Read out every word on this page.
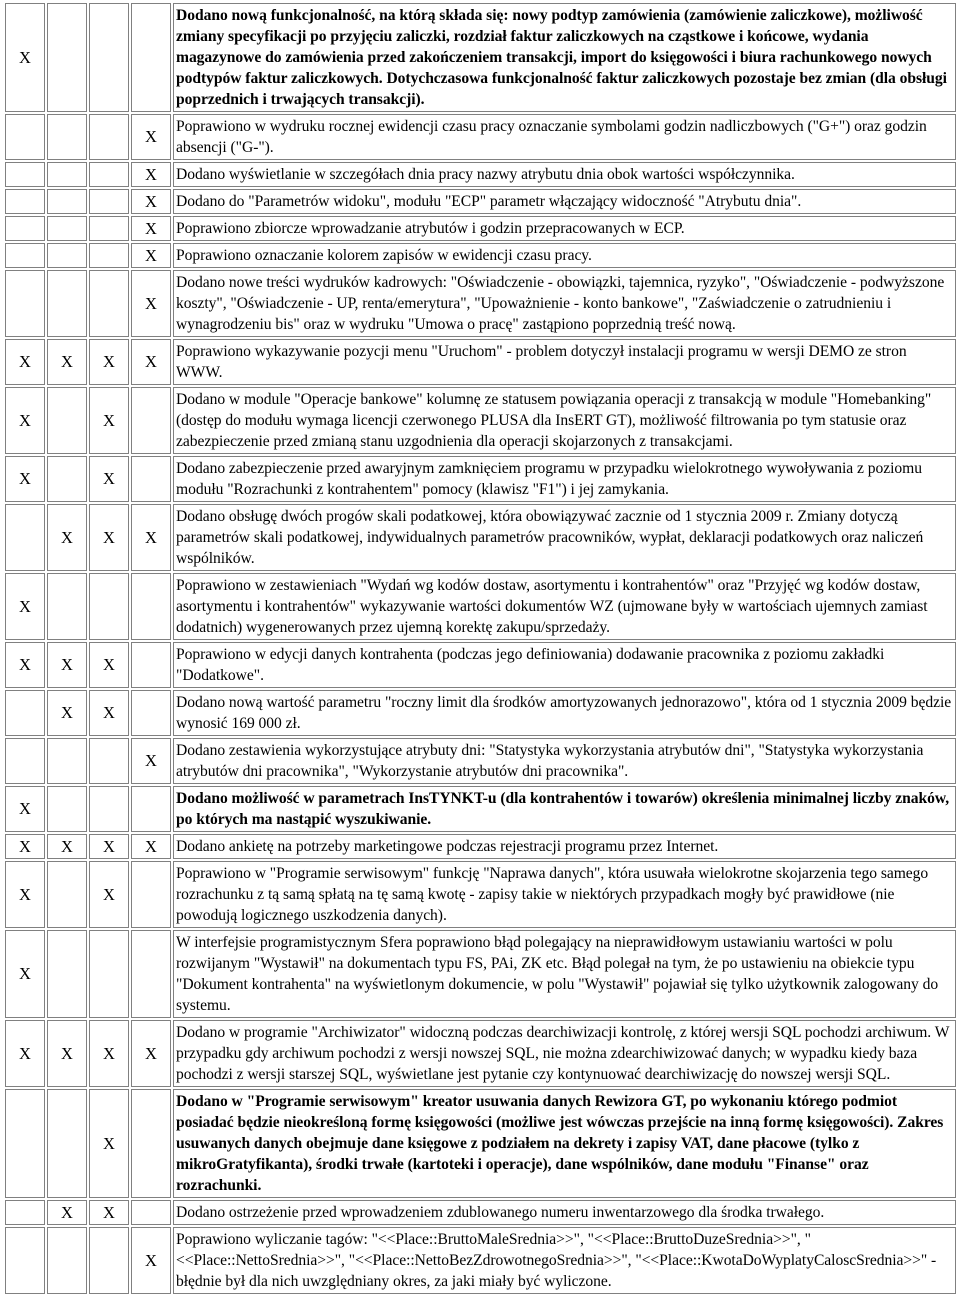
X				Dodano nową funkcjonalność, na którą składa się: nowy podtyp zamówienia (zamówienie zaliczkowe), możliwość zmiany specyfikacji po przyjęciu zaliczki, rozdział faktur zaliczkowych na cząstkowe i końcowe, wydania magazynowe do zamówienia przed zakończeniem transakcji, import do księgowości i biura rachunkowego nowych podtypów faktur zaliczkowych. Dotychczasowa funkcjonalność faktur zaliczkowych pozostaje bez zmian (dla obsługi poprzednich i trwających transakcji).
			X	Poprawiono w wydruku rocznej ewidencji czasu pracy oznaczanie symbolami godzin nadliczbowych ("G+") oraz godzin absencji ("G-").
			X	Dodano wyświetlanie w szczegółach dnia pracy nazwy atrybutu dnia obok wartości współczynnika.
			X	Dodano do "Parametrów widoku", modułu "ECP" parametr włączający widoczność "Atrybutu dnia".
			X	Poprawiono zbiorcze wprowadzanie atrybutów i godzin przepracowanych w ECP.
			X	Poprawiono oznaczanie kolorem zapisów w ewidencji czasu pracy.
			X	Dodano nowe treści wydruków kadrowych: "Oświadczenie - obowiązki, tajemnica, ryzyko", "Oświadczenie - podwyższone koszty", "Oświadczenie - UP, renta/emerytura", "Upoważnienie - konto bankowe", "Zaświadczenie o zatrudnieniu i wynagrodzeniu bis" oraz w wydruku "Umowa o pracę" zastąpiono poprzednią treść nową.
X	X	X	X	Poprawiono wykazywanie pozycji menu "Uruchom" - problem dotyczył instalacji programu w wersji DEMO ze stron WWW.
X		X		Dodano w module "Operacje bankowe" kolumnę ze statusem powiązania operacji z transakcją w module "Homebanking" (dostęp do modułu wymaga licencji czerwonego PLUSA dla InsERT GT), możliwość filtrowania po tym statusie oraz zabezpieczenie przed zmianą stanu uzgodnienia dla operacji skojarzonych z transakcjami.
X		X		Dodano zabezpieczenie przed awaryjnym zamknięciem programu w przypadku wielokrotnego wywoływania z poziomu modułu "Rozrachunki z kontrahentem" pomocy (klawisz "F1") i jej zamykania.
	X	X	X	Dodano obsługę dwóch progów skali podatkowej, która obowiązywać zacznie od 1 stycznia 2009 r. Zmiany dotyczą parametrów skali podatkowej, indywidualnych parametrów pracowników, wypłat, deklaracji podatkowych oraz naliczeń wspólników.
X				Poprawiono w zestawieniach "Wydań wg kodów dostaw, asortymentu i kontrahentów" oraz "Przyjęć wg kodów dostaw, asortymentu i kontrahentów" wykazywanie wartości dokumentów WZ (ujmowane były w wartościach ujemnych zamiast dodatnich) wygenerowanych przez ujemną korektę zakupu/sprzedaży.
X	X	X		Poprawiono w edycji danych kontrahenta (podczas jego definiowania) dodawanie pracownika z poziomu zakładki "Dodatkowe".
	X	X		Dodano nową wartość parametru "roczny limit dla środków amortyzowanych jednorazowo", która od 1 stycznia 2009 będzie wynosić 169 000 zł.
			X	Dodano zestawienia wykorzystujące atrybuty dni: "Statystyka wykorzystania atrybutów dni", "Statystyka wykorzystania atrybutów dni pracownika", "Wykorzystanie atrybutów dni pracownika".
X				Dodano możliwość w parametrach InsTYNKT-u (dla kontrahentów i towarów) określenia minimalnej liczby znaków, po których ma nastąpić wyszukiwanie.
X	X	X	X	Dodano ankietę na potrzeby marketingowe podczas rejestracji programu przez Internet.
X		X		Poprawiono w "Programie serwisowym" funkcję "Naprawa danych", która usuwała wielokrotne skojarzenia tego samego rozrachunku z tą samą spłatą na tę samą kwotę - zapisy takie w niektórych przypadkach mogły być prawidłowe (nie powodują logicznego uszkodzenia danych).
X				W interfejsie programistycznym Sfera poprawiono błąd polegający na nieprawidłowym ustawianiu wartości w polu rozwijanym "Wystawił" na dokumentach typu FS, PAi, ZK etc. Błąd polegał na tym, że po ustawieniu na obiekcie typu "Dokument kontrahenta" na wyświetlonym dokumencie, w polu "Wystawił" pojawiał się tylko użytkownik zalogowany do systemu.
X	X	X	X	Dodano w programie "Archiwizator" widoczną podczas dearchiwizacji kontrolę, z której wersji SQL pochodzi archiwum. W przypadku gdy archiwum pochodzi z wersji nowszej SQL, nie można zdearchiwizować danych; w wypadku kiedy baza pochodzi z wersji starszej SQL, wyświetlane jest pytanie czy kontynuować dearchiwizację do nowszej wersji SQL.
		X		Dodano w "Programie serwisowym" kreator usuwania danych Rewizora GT, po wykonaniu którego podmiot posiadać będzie nieokreśloną formę księgowości (możliwe jest wówczas przejście na inną formę księgowości). Zakres usuwanych danych obejmuje dane księgowe z podziałem na dekrety i zapisy VAT, dane płacowe (tylko z mikroGratyfikanta), środki trwałe (kartoteki i operacje), dane wspólników, dane modułu "Finanse" oraz rozrachunki.
	X	X		Dodano ostrzeżenie przed wprowadzeniem zdublowanego numeru inwentarzowego dla środka trwałego.
			X	Poprawiono wyliczanie tagów: "<<Place::BruttoMaleSrednia>>", "<<Place::BruttoDuzeSrednia>>", "<<Place::NettoSrednia>>", "<<Place::NettoBezZdrowotnegoSrednia>>", "<<Place::KwotaDoWyplatyCaloscSrednia>>" - błędnie był dla nich uwzględniany okres, za jaki miały być wyliczone.
